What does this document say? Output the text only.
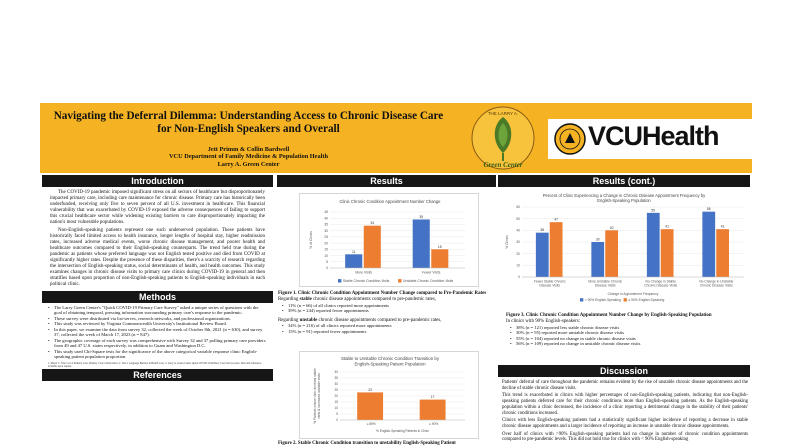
Navigating the Deferral Dilemma: Understanding Access to Chronic Disease Care for Non-English Speakers and Overall
Jett Primm & Collin Bardwell
VCU Department of Family Medicine & Population Health
Larry A. Green Center
THE LARRY A.
Green Center
VCUHealth
Introduction

The COVID-19 pandemic imposed significant stress on all sectors of healthcare but disproportionately impacted primary care, including care maintenance for chronic disease. Primary care has historically been underfunded, receiving only five to seven percent of all U.S. investment in healthcare. This financial vulnerability that was exacerbated by COVID-19 exposed the adverse consequences of failing to support this crucial healthcare sector while widening existing barriers to care disproportionately impacting the nation's most vulnerable populations.

Non-English-speaking patients represent one such underserved population. These patients have historically faced limited access to health insurance, longer lengths of hospital stay, higher readmission rates, increased adverse medical events, worse chronic disease management, and poorer health and healthcare outcomes compared to their English-speaking counterparts. The trend held true during the pandemic as patients whose preferred language was not English tested positive and died from COVID at significantly higher rates. Despite the presence of these disparities, there's a scarcity of research regarding the intersection of English-speaking status, social determinants of health, and health outcomes. This study examines changes in chronic disease visits to primary care clinics during COVID-19 in general and then stratifies based upon proportion of non-English-speaking patients to English-speaking individuals in each political clinic.

Methods
• The Larry Green Center's "Quick COVID-19 Primary Care Survey" asked a unique series of questions with the goal of obtaining temporal, pressing information surrounding primary care's response to the pandemic.
• These survey were distributed via list-serves, research networks, and professional organizations.
• This study was reviewed by Virginia Commonwealth University's Institutional Review Board.
• In this paper, we examine the data from survey 32, collected the week of October 8th, 2021 (n = 630), and survey 37, collected the week of March 17, 2023 (n = 847).
• The geographic coverage of each survey was comprehensive with Survey 32 and 37 polling primary care providers from 49 and 47 U.S. states respectively, in addition to Guam and Washington D.C.
• This study used Chi-Square tests for the significance of the above categorical variable response clinic English-speaking patient population proportion.
1. Mayer C. The Cost of Primary Care. Primary Care Collaborative. 2. Tsai J. Language Barriers in Health Care. 3. Larry A. Green Center Quick COVID-19 Primary Care Survey series. Data and references available upon request.
References
Results
Clinic Chronic Condition Appointment Number Change
0
5
10
15
20
25
30
35
40
45
% of Clinics
11
34
More Visits
39
15
Fewer Visits
Stable Chronic Condition Visits	Unstable Chronic Condition Visits
Figure 1. Clinic Chronic Condition Appointment Number Change compared to Pre-Pandemic Rates
Regarding stable chronic disease appointments compared to pre-pandemic rates,
• 11% (n = 66) of all clinics reported more appointments
• 39% (n = 244) reported fewer appointments
Regarding unstable chronic disease appointments compared to pre-pandemic rates,
• 34% (n = 216) of all clinics reported more appointments
• 15% (n = 91) reported fewer appointments
Stable to Unstable Chronic Condition Transition by English-Speaking Patient Population
0
5
10
15
20
25
30
35
40
% Patients whose clinic declined stablevisits & increased unstable visits	23
≤ 89%
17
≥ 90%
% English-Speaking Patients in Clinic
Figure 2. Stable Chronic Condition transition to unstability English-Speaking Patient
Results (cont.)
Percent of Clinic Experiencing a Change in Chronic Disease Appointment Frequency by English-Speaking Population
0
10
20
30
40
50
60
% Clinics
38
47
Fewer Stable Chronic Disease Visits
30
40
More Unstable Chronic Disease Visits
55
41
No Change in Stable Chronic Disease Visits
56
41
No Change in Unstable Chronic Disease Visits
Change in Appointment Frequency
< 90% English-Speaking ≥ 90% English-Speaking
Figure 3. Clinic Chronic Condition Appointment Number Change by English-Speaking Population
In clinics with 90% English-speakers:
• 38% (n = 121) reported less stable chronic disease visits
• 30% (n = 95) reported more unstable chronic disease visits
• 55% (n = 104) reported no change in stable chronic disease visits
• 56% (n = 109) reported no change in unstable chronic disease visits
Discussion

Patients' deferral of care throughout the pandemic remains evident by the rise of unstable chronic disease appointments and the decline of stable chronic disease visits.

This trend is exacerbated in clinics with higher percentages of non-English-speaking patients, indicating that non-English-speaking patients deferred care for their chronic conditions more than English-speaking patients. As the English-speaking population within a clinic decreased, the incidence of a clinic reporting a detrimental change in the stability of their patients' chronic conditions increased.

Clinics with less English-speaking patients had a statistically significant higher incidence of reporting a decrease in stable chronic disease appointments and a larger incidence of reporting an increase in unstable chronic disease appointments.

Over half of clinics with >90% English-speaking patients had no change in number of chronic condition appointments compared to pre-pandemic levels. This did not hold true for clinics with < 90% English-speaking
